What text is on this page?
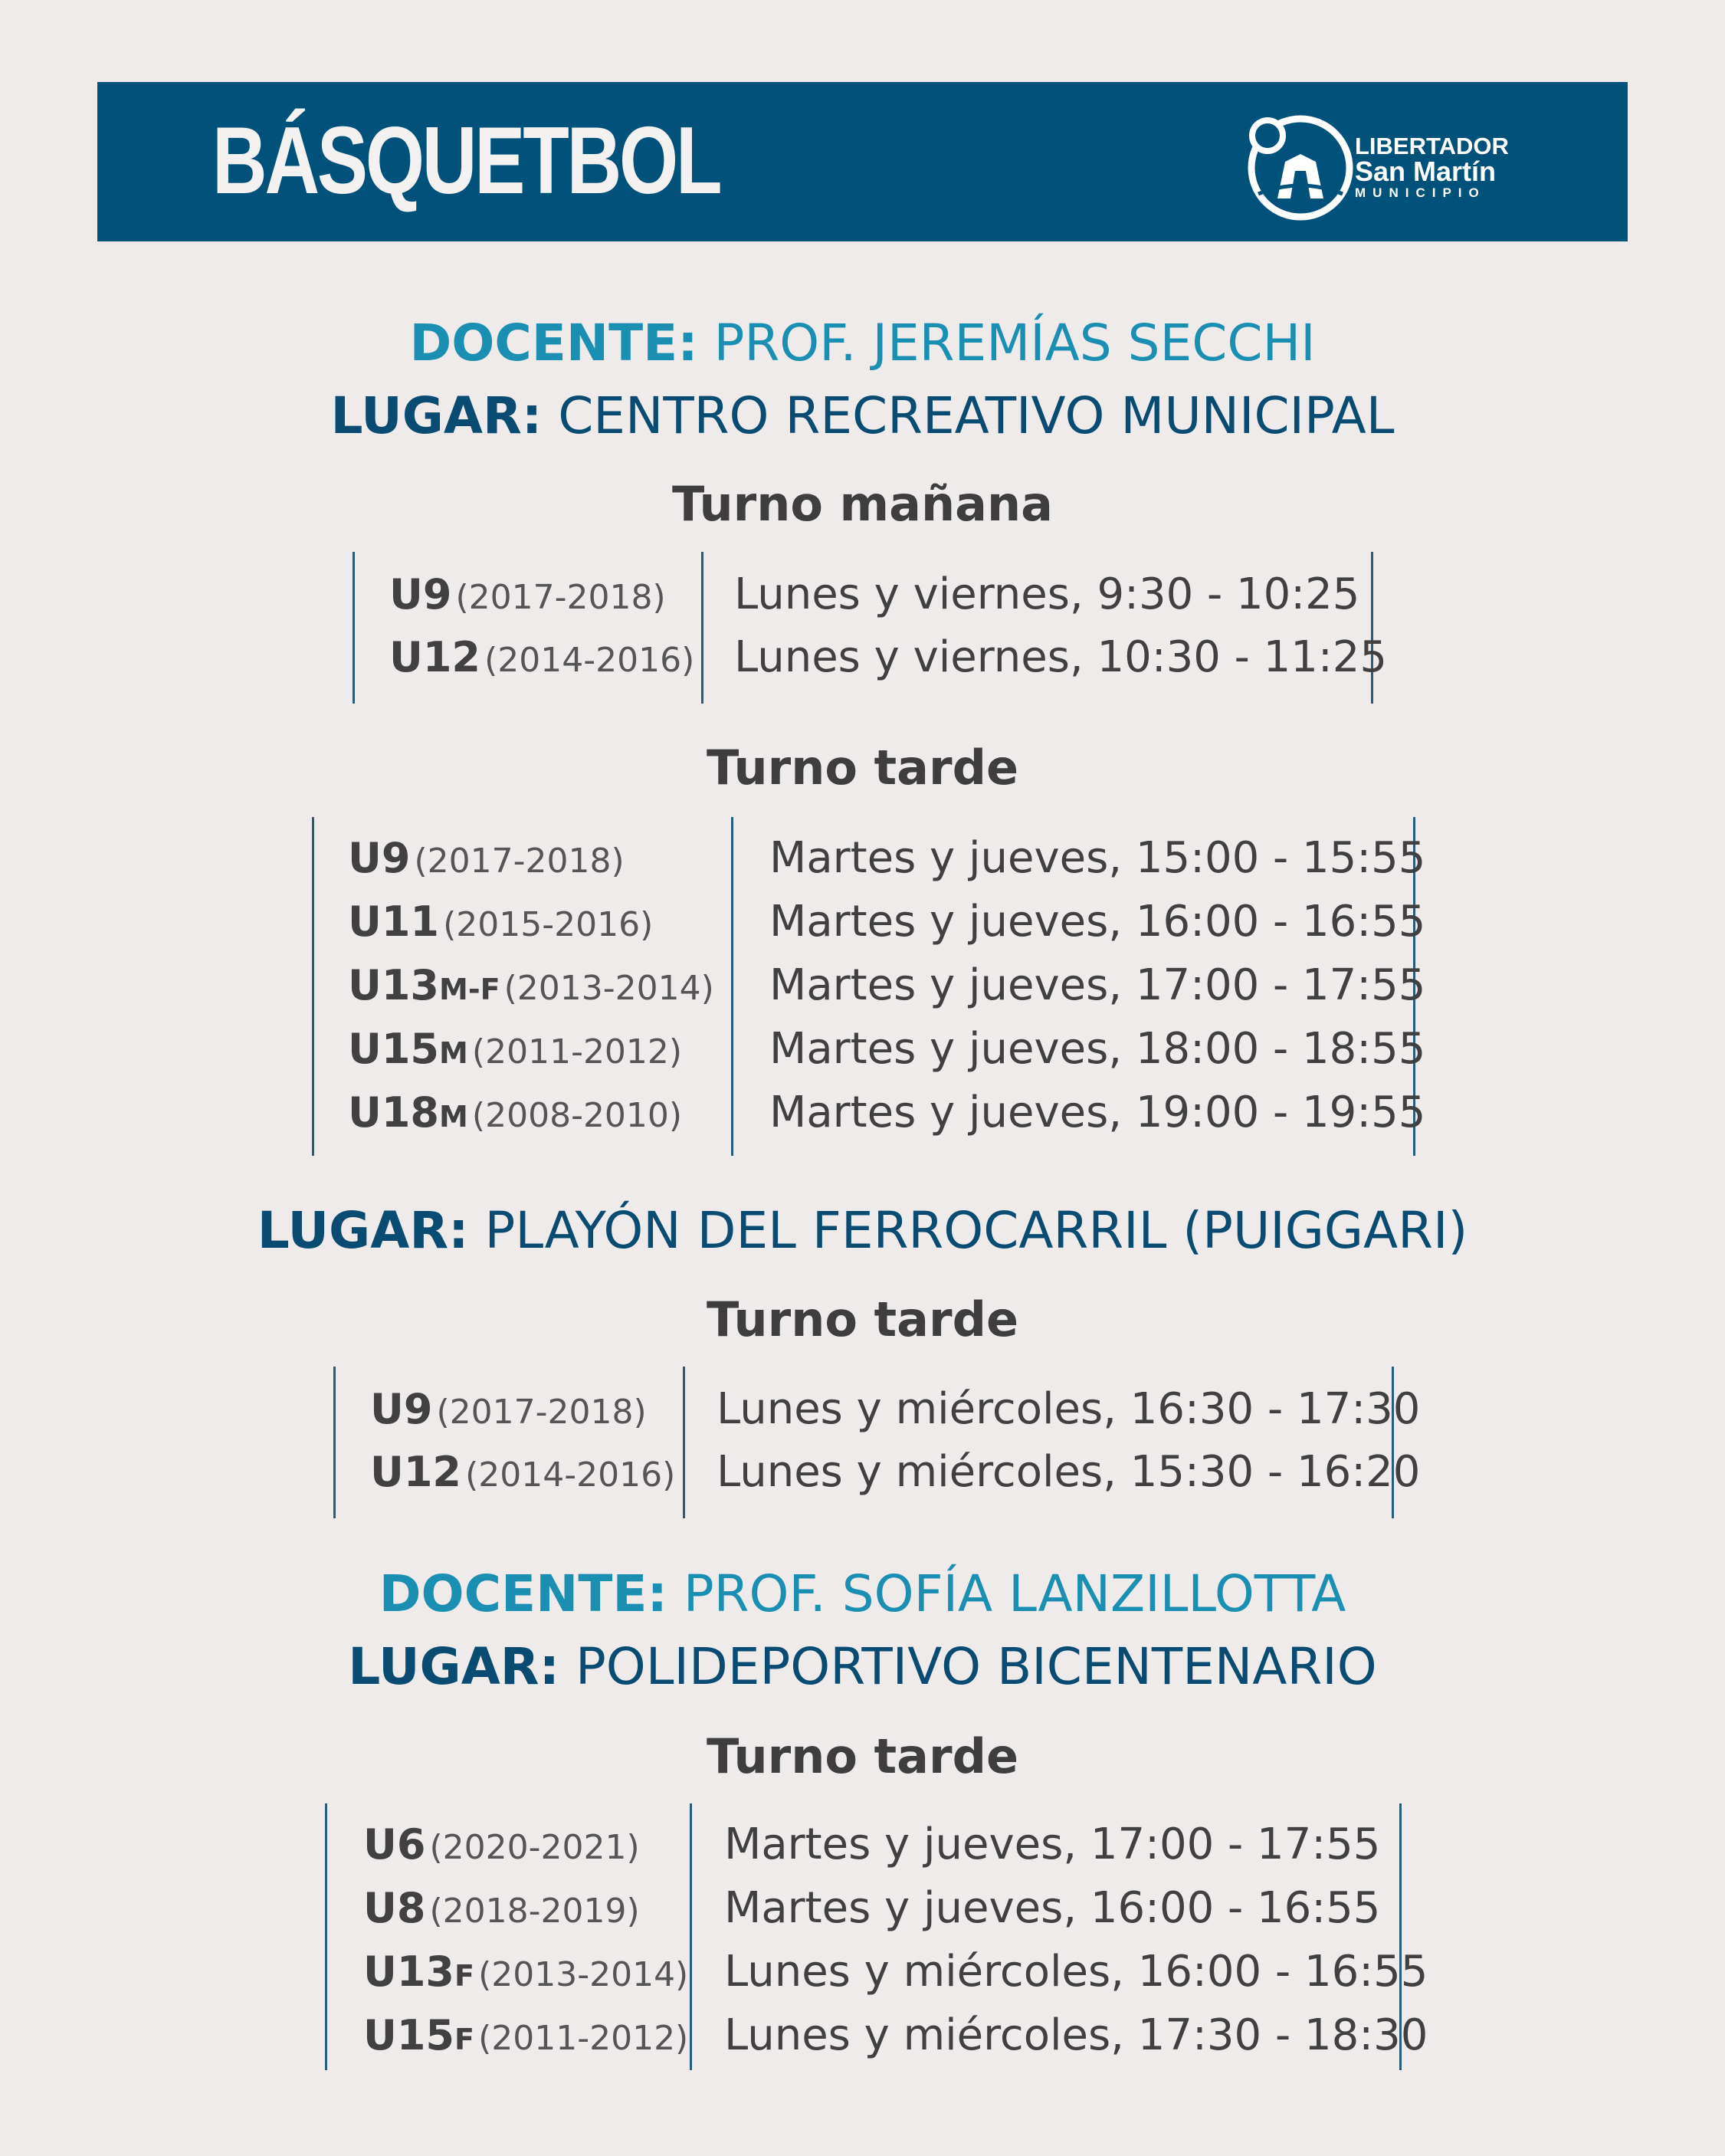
BÁSQUETBOL	LIBERTADOR
San Martín
MUNICIPIO
DOCENTE: PROF. JEREMÍAS SECCHI
LUGAR: CENTRO RECREATIVO MUNICIPAL
Turno mañana
U9 (2017-2018) Lunes y viernes, 9:30 - 10:25
U12 (2014-2016) Lunes y viernes, 10:30 - 11:25
Turno tarde
U9 (2017-2018)	Martes y jueves, 15:00 - 15:55
U11 (2015-2016)	Martes y jueves, 16:00 - 16:55
U13M-F (2013-2014) Martes y jueves, 17:00 - 17:55
U15M (2011-2012) Martes y jueves, 18:00 - 18:55
U18M (2008-2010) Martes y jueves, 19:00 - 19:55
LUGAR: PLAYÓN DEL FERROCARRIL (PUIGGARI)
Turno tarde
U9 (2017-2018) Lunes y miércoles, 16:30 - 17:30
U12 (2014-2016) Lunes y miércoles, 15:30 - 16:20
DOCENTE: PROF. SOFÍA LANZILLOTTA
LUGAR: POLIDEPORTIVO BICENTENARIO
Turno tarde
U6 (2020-2021) Martes y jueves, 17:00 - 17:55
U8 (2018-2019) Martes y jueves, 16:00 - 16:55
U13F (2013-2014) Lunes y miércoles, 16:00 - 16:55
U15F (2011-2012) Lunes y miércoles, 17:30 - 18:30
